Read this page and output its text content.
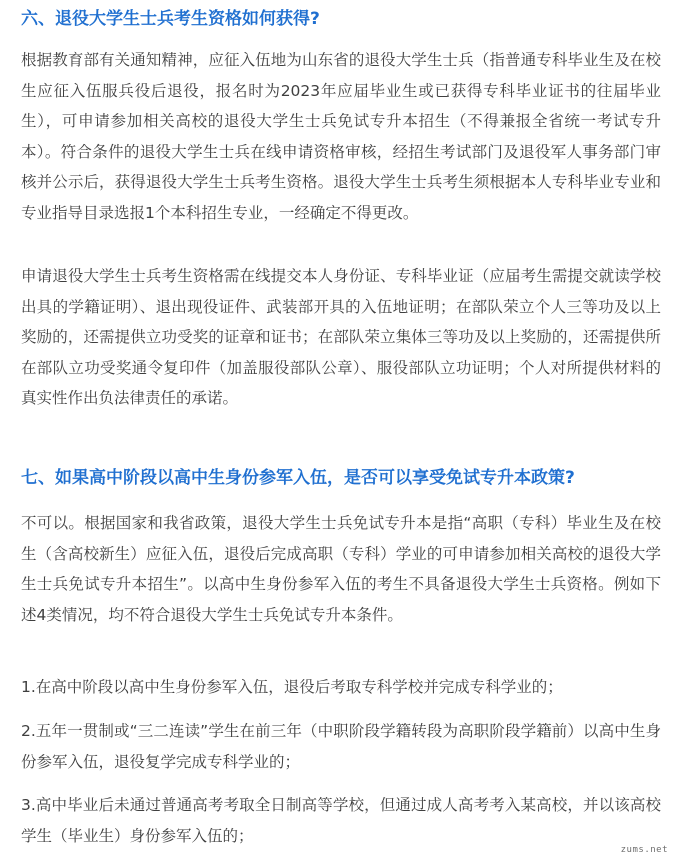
六、退役大学生士兵考生资格如何获得?
根据教育部有关通知精神，应征入伍地为山东省的退役大学生士兵（指普通专科毕业生及在校生应征入伍服兵役后退役，报名时为2023年应届毕业生或已获得专科毕业证书的往届毕业生），可申请参加相关高校的退役大学生士兵免试专升本招生（不得兼报全省统一考试专升本）。符合条件的退役大学生士兵在线申请资格审核，经招生考试部门及退役军人事务部门审核并公示后，获得退役大学生士兵考生资格。退役大学生士兵考生须根据本人专科毕业专业和专业指导目录选报1个本科招生专业，一经确定不得更改。
申请退役大学生士兵考生资格需在线提交本人身份证、专科毕业证（应届考生需提交就读学校出具的学籍证明）、退出现役证件、武装部开具的入伍地证明；在部队荣立个人三等功及以上奖励的，还需提供立功受奖的证章和证书；在部队荣立集体三等功及以上奖励的，还需提供所在部队立功受奖通令复印件（加盖服役部队公章）、服役部队立功证明；个人对所提供材料的真实性作出负法律责任的承诺。
七、如果高中阶段以高中生身份参军入伍，是否可以享受免试专升本政策?
不可以。根据国家和我省政策，退役大学生士兵免试专升本是指“高职（专科）毕业生及在校生（含高校新生）应征入伍，退役后完成高职（专科）学业的可申请参加相关高校的退役大学生士兵免试专升本招生”。以高中生身份参军入伍的考生不具备退役大学生士兵资格。例如下述4类情况，均不符合退役大学生士兵免试专升本条件。
1.在高中阶段以高中生身份参军入伍，退役后考取专科学校并完成专科学业的；
2.五年一贯制或“三二连读”学生在前三年（中职阶段学籍转段为高职阶段学籍前）以高中生身份参军入伍，退役复学完成专科学业的；
3.高中毕业后未通过普通高考考取全日制高等学校，但通过成人高考考入某高校，并以该高校学生（毕业生）身份参军入伍的；
zums.net
